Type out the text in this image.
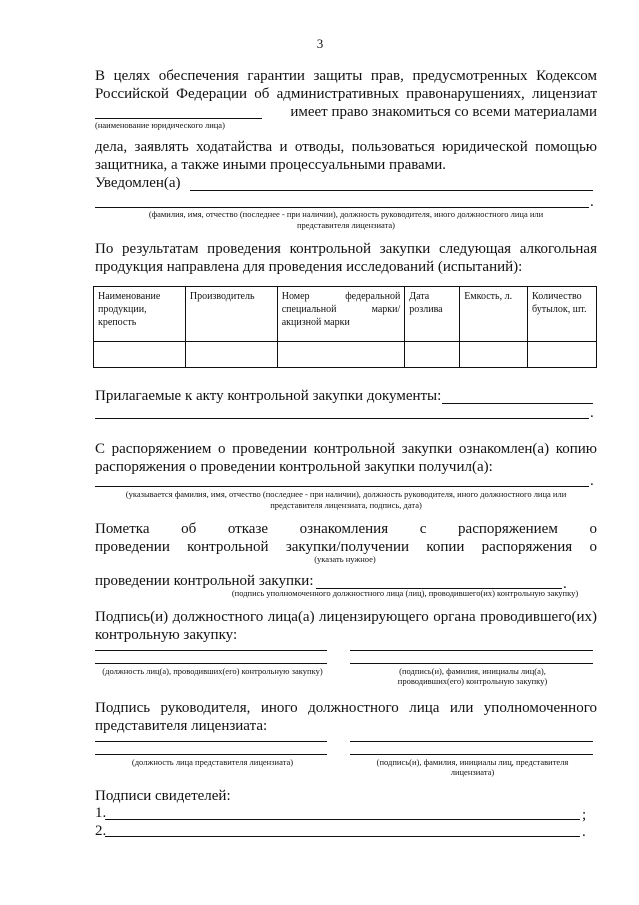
3
В целях обеспечения гарантии защиты прав, предусмотренных Кодексом
Российской Федерации об административных правонарушениях, лицензиат
имеет право знакомиться со всеми материалами
(наименование юридического лица)
дела, заявлять ходатайства и отводы, пользоваться юридической помощью
защитника, а также иными процессуальными правами.
Уведомлен(а)
.
(фамилия, имя, отчество (последнее - при наличии), должность руководителя, иного должностного лица или
представителя лицензиата)
По результатам проведения контрольной закупки следующая алкогольная
продукция направлена для проведения исследований (испытаний):
Наименование продукции, крепость	Производитель	Номер федеральной специальной марки/акцизной марки	Дата розлива	Емкость, л.	Количество бутылок, шт.

Прилагаемые к акту контрольной закупки документы:
.
С распоряжением о проведении контрольной закупки ознакомлен(а) копию
распоряжения о проведении контрольной закупки получил(а):
.
(указывается фамилия, имя, отчество (последнее - при наличии), должность руководителя, иного должностного лица или
представителя лицензиата, подпись, дата)
Пометка об отказе ознакомления с распоряжением о
проведении контрольной закупки/получении копии распоряжения о
(указать нужное)
проведении контрольной закупки:	.
(подпись уполномоченного должностного лица (лиц), проводившего(их) контрольную закупку)
Подпись(и) должностного лица(а) лицензирующего органа проводившего(их)
контрольную закупку:
(должность лиц(а), проводивших(его) контрольную закупку)	(подпись(и), фамилия, инициалы лиц(а), проводивших(его) контрольную закупку)
Подпись руководителя, иного должностного лица или уполномоченного
представителя лицензиата:
(должность лица представителя лицензиата)	(подпись(и), фамилия, инициалы лиц, представителя лицензиата)
Подписи свидетелей:
1.	;
2.	.
